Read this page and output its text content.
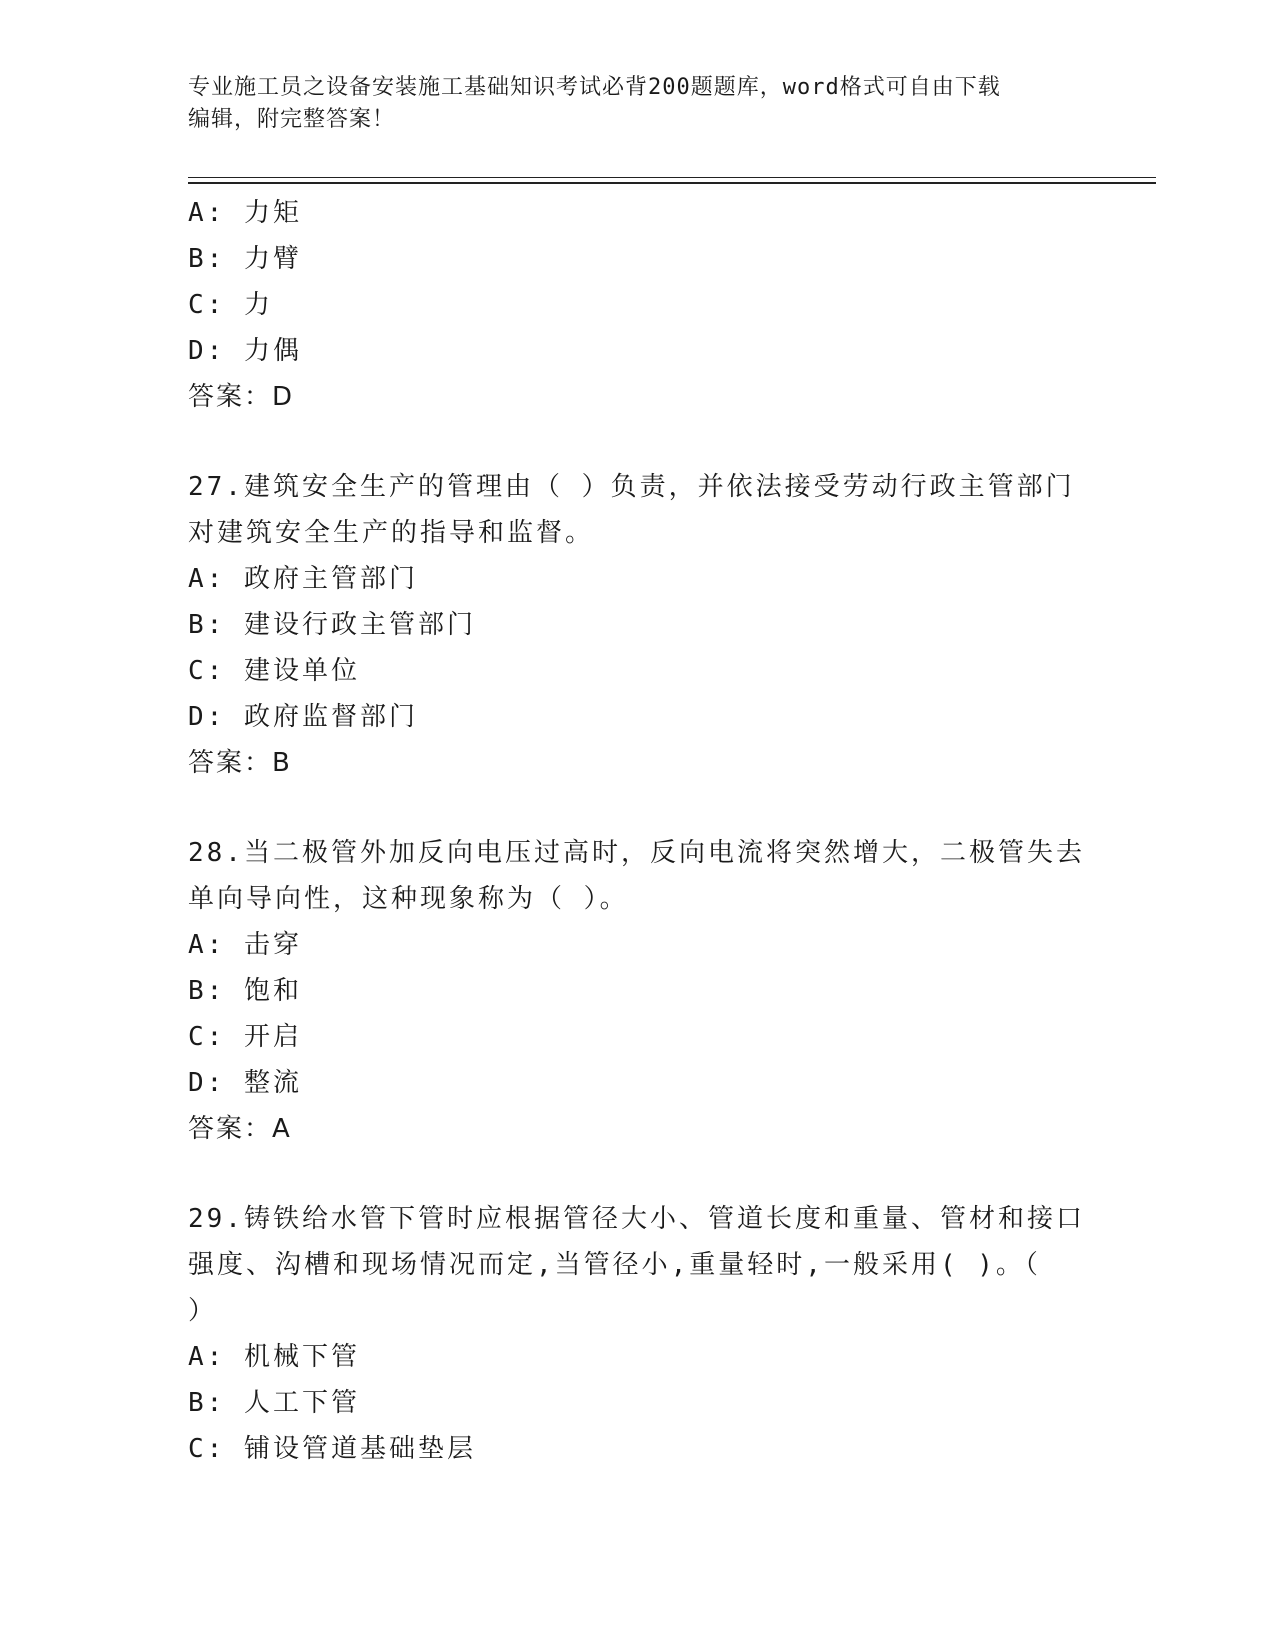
专业施工员之设备安装施工基础知识考试必背200题题库，word格式可自由下载
编辑，附完整答案！
A: 力矩
B: 力臂
C: 力
D: 力偶
答案：D
27.建筑安全生产的管理由（ ）负责，并依法接受劳动行政主管部门
对建筑安全生产的指导和监督。
A: 政府主管部门
B: 建设行政主管部门
C: 建设单位
D: 政府监督部门
答案：B
28.当二极管外加反向电压过高时，反向电流将突然增大，二极管失去
单向导向性，这种现象称为（ ）。
A: 击穿
B: 饱和
C: 开启
D: 整流
答案：A
29.铸铁给水管下管时应根据管径大小、管道长度和重量、管材和接口
强度、沟槽和现场情况而定,当管径小,重量轻时,一般采用( )。（
）
A: 机械下管
B: 人工下管
C: 铺设管道基础垫层
